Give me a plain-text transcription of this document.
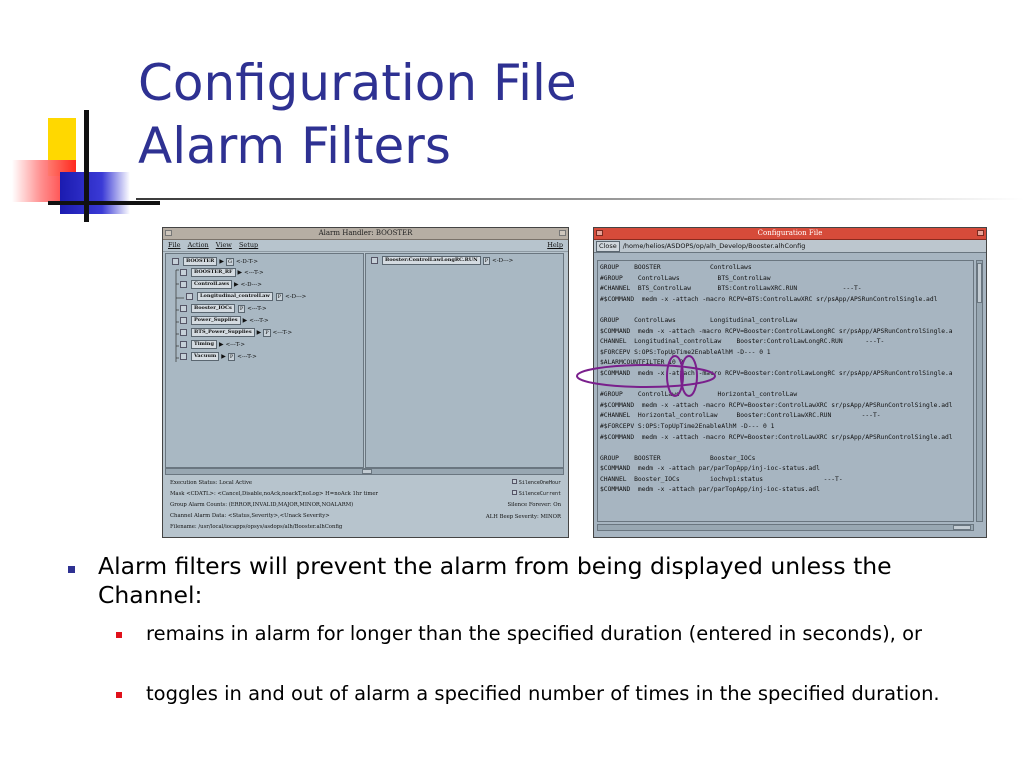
Configuration File
Alarm Filters
Alarm Handler: BOOSTER
File Action View Setup	Help
BOOSTER ▶ G <-D-T->
BOOSTER_RF ▶ <---T->
ControlLaws ▶ <-D--->
Longitudinal_controlLaw	P <-D--->
Booster_IOCs	P <---T->
Power_Supplies ▶ <---T->
BTS_Power_Supplies ▶ P <---T->
Timing ▶ <---T->
Vacuum ▶ P <---T->
Booster:ControlLawLongRC.RUN	P <-D--->
Execution Status: Local Active
Mask <CDATL>: <Cancel,Disable,noAck,noackT,noLog> H=noAck 1hr timer
Group Alarm Counts: (ERROR,INVALID,MAJOR,MINOR,NOALARM)
Channel Alarm Data: <Status,Severity>,<Unack Severity>
Filename: /usr/local/iocapps/opsys/asdops/alh/Booster.alhConfig
SilenceOneHour
SilenceCurrent
Silence Forever: On
ALH Beep Severity: MINOR
Configuration File
Close /home/helios/ASDOPS/op/alh_Develop/Booster.alhConfig
GROUP    BOOSTER             ControlLaws
#GROUP    ControlLaws          BTS_ControlLaw
#CHANNEL  BTS_ControlLaw       BTS:ControlLawXRC.RUN            ---T-
#$COMMAND  medm -x -attach -macro RCPV=BTS:ControlLawXRC sr/psApp/APSRunControlSingle.adl
GROUP    ControlLaws         Longitudinal_controlLaw
$COMMAND  medm -x -attach -macro RCPV=Booster:ControlLawLongRC sr/psApp/APSRunControlSingle.a
CHANNEL  Longitudinal_controlLaw    Booster:ControlLawLongRC.RUN      ---T-
$FORCEPV S:OPS:TopUpTime2EnableAlhM -D--- 0 1
$ALARMCOUNTFILTER 10 2
$COMMAND  medm -x -attach -macro RCPV=Booster:ControlLawLongRC sr/psApp/APSRunControlSingle.a
#GROUP    ControlLaws          Horizontal_controlLaw
#$COMMAND  medm -x -attach -macro RCPV=Booster:ControlLawXRC sr/psApp/APSRunControlSingle.adl
#CHANNEL  Horizontal_controlLaw     Booster:ControlLawXRC.RUN        ---T-
#$FORCEPV S:OPS:TopUpTime2EnableAlhM -D--- 0 1
#$COMMAND  medm -x -attach -macro RCPV=Booster:ControlLawXRC sr/psApp/APSRunControlSingle.adl
GROUP    BOOSTER             Booster_IOCs
$COMMAND  medm -x -attach par/parTopApp/inj-ioc-status.adl
CHANNEL  Booster_IOCs        iochvp1:status                ---T-
$COMMAND  medm -x -attach par/parTopApp/inj-ioc-status.adl
Alarm filters will prevent the alarm from being displayed unless the Channel:
remains in alarm for longer than the specified duration (entered in seconds), or
toggles in and out of alarm a specified number of times in the specified duration.
